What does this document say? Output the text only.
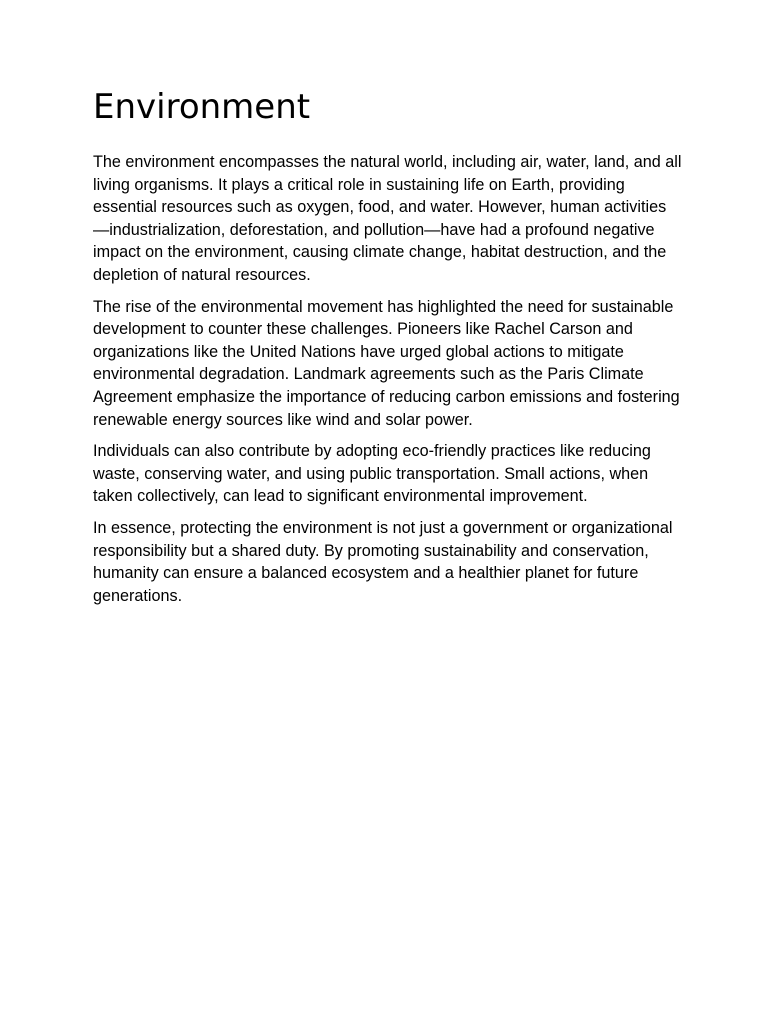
Environment

The environment encompasses the natural world, including air, water, land, and all living organisms. It plays a critical role in sustaining life on Earth, providing essential resources such as oxygen, food, and water. However, human activities —industrialization, deforestation, and pollution—have had a profound negative impact on the environment, causing climate change, habitat destruction, and the depletion of natural resources.

The rise of the environmental movement has highlighted the need for sustainable development to counter these challenges. Pioneers like Rachel Carson and organizations like the United Nations have urged global actions to mitigate environmental degradation. Landmark agreements such as the Paris Climate Agreement emphasize the importance of reducing carbon emissions and fostering renewable energy sources like wind and solar power.

Individuals can also contribute by adopting eco-friendly practices like reducing waste, conserving water, and using public transportation. Small actions, when taken collectively, can lead to significant environmental improvement.

In essence, protecting the environment is not just a government or organizational responsibility but a shared duty. By promoting sustainability and conservation, humanity can ensure a balanced ecosystem and a healthier planet for future generations.
